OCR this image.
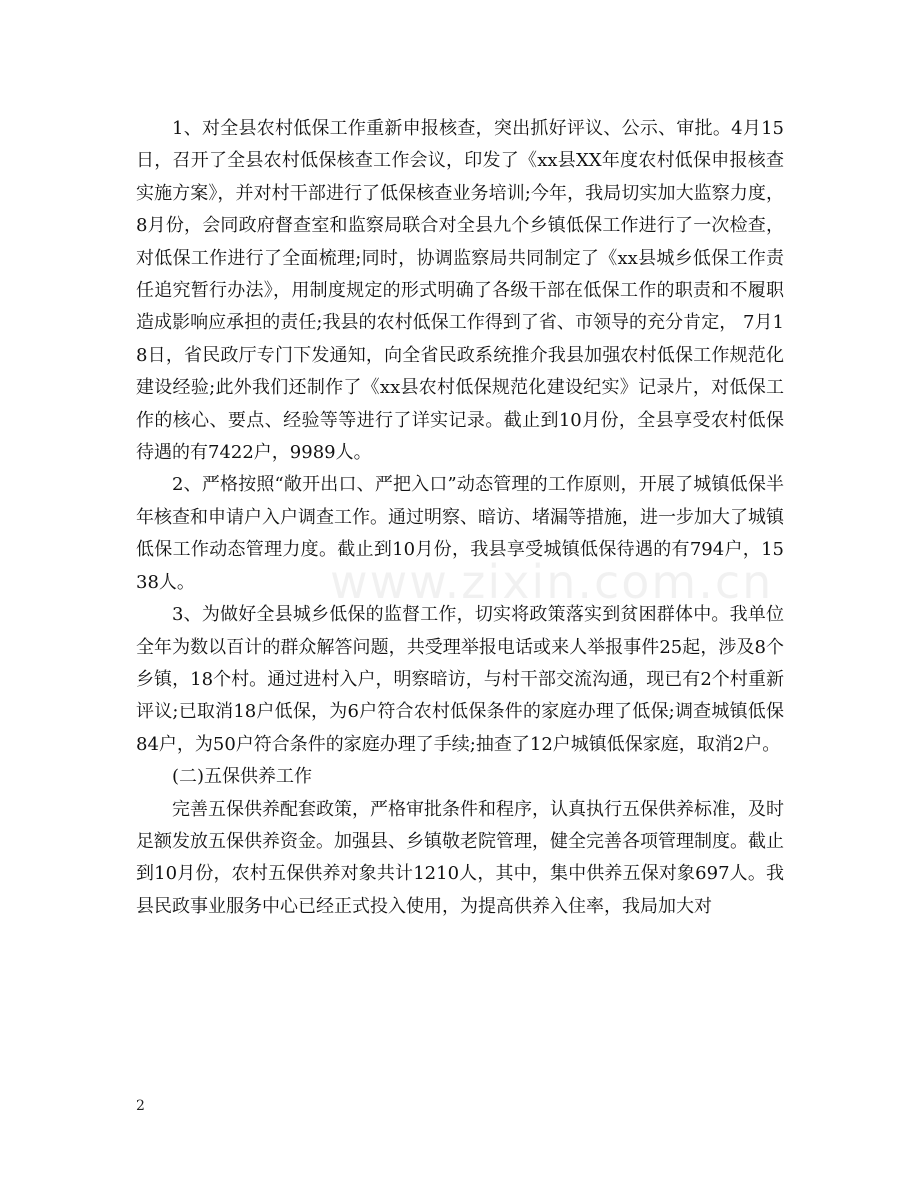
www.zixin.com.cn

1、对全县农村低保工作重新申报核查，突出抓好评议、公示、审批。4月15日，召开了全县农村低保核查工作会议，印发了《xx县XX年度农村低保申报核查实施方案》，并对村干部进行了低保核查业务培训;今年，我局切实加大监察力度，8月份，会同政府督查室和监察局联合对全县九个乡镇低保工作进行了一次检查，对低保工作进行了全面梳理;同时，协调监察局共同制定了《xx县城乡低保工作责任追究暂行办法》，用制度规定的形式明确了各级干部在低保工作的职责和不履职造成影响应承担的责任;我县的农村低保工作得到了省、市领导的充分肯定， 7月18日，省民政厅专门下发通知，向全省民政系统推介我县加强农村低保工作规范化建设经验;此外我们还制作了《xx县农村低保规范化建设纪实》记录片，对低保工作的核心、要点、经验等等进行了详实记录。截止到10月份，全县享受农村低保待遇的有7422户，9989人。

2、严格按照“敞开出口、严把入口”动态管理的工作原则，开展了城镇低保半年核查和申请户入户调查工作。通过明察、暗访、堵漏等措施，进一步加大了城镇低保工作动态管理力度。截止到10月份，我县享受城镇低保待遇的有794户，1538人。

3、为做好全县城乡低保的监督工作，切实将政策落实到贫困群体中。我单位全年为数以百计的群众解答问题，共受理举报电话或来人举报事件25起，涉及8个乡镇，18个村。通过进村入户，明察暗访，与村干部交流沟通，现已有2个村重新评议;已取消18户低保，为6户符合农村低保条件的家庭办理了低保;调查城镇低保84户，为50户符合条件的家庭办理了手续;抽查了12户城镇低保家庭，取消2户。

(二)五保供养工作

完善五保供养配套政策，严格审批条件和程序，认真执行五保供养标准，及时足额发放五保供养资金。加强县、乡镇敬老院管理，健全完善各项管理制度。截止到10月份，农村五保供养对象共计1210人，其中，集中供养五保对象697人。我县民政事业服务中心已经正式投入使用，为提高供养入住率，我局加大对

2
